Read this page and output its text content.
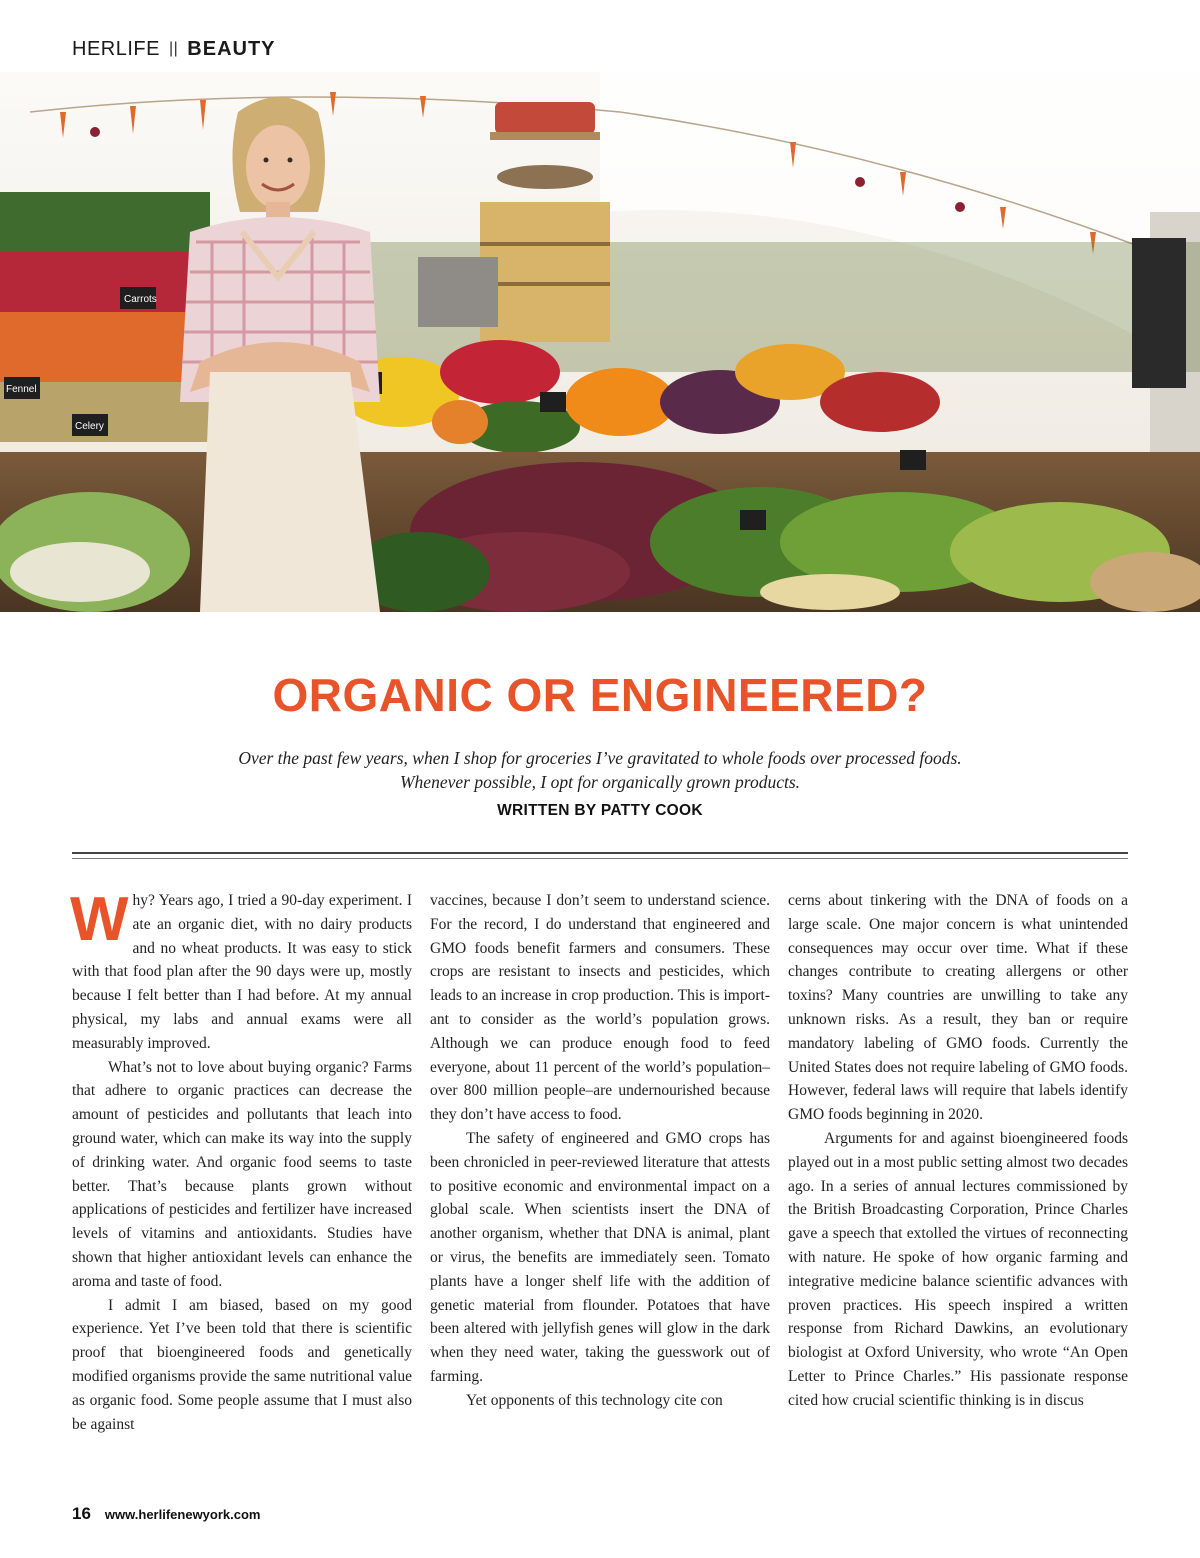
HERLIFE || BEAUTY
Carrots
Celery
Fennel
ORGANIC OR ENGINEERED?
Over the past few years, when I shop for groceries I’ve gravitated to whole foods over processed foods.
Whenever possible, I opt for organically grown products.
WRITTEN BY PATTY COOK

Why? Years ago, I tried a 90-day experiment. I ate an organic diet, with no dairy products and no wheat products. It was easy to stick with that food plan after the 90 days were up, mostly because I felt better than I had before. At my annual physical, my labs and annual exams were all measurably improved.

What’s not to love about buying organic? Farms that adhere to organic practices can decrease the amount of pesticides and pollutants that leach into ground water, which can make its way into the supply of drinking water. And organic food seems to taste better. That’s because plants grown without applications of pesticides and fertilizer have increased levels of vitamins and antioxidants. Studies have shown that higher antioxidant levels can enhance the aroma and taste of food.

I admit I am biased, based on my good experience. Yet I’ve been told that there is scientific proof that bioengineered foods and genetically modified organisms provide the same nutritional value as organic food. Some people assume that I must also be against

vaccines, because I don’t seem to understand science. For the record, I do understand that engineered and GMO foods benefit farmers and consumers. These crops are resistant to insects and pesticides, which leads to an increase in crop production. This is important to consider as the world’s population grows. Although we can produce enough food to feed everyone, about 11 percent of the world’s population–over 800 million people–are undernourished because they don’t have access to food.

The safety of engineered and GMO crops has been chronicled in peer-reviewed literature that attests to positive economic and environmental impact on a global scale. When scientists insert the DNA of another organism, whether that DNA is animal, plant or virus, the benefits are immediately seen. Tomato plants have a longer shelf life with the addition of genetic material from flounder. Potatoes that have been altered with jellyfish genes will glow in the dark when they need water, taking the guesswork out of farming.

Yet opponents of this technology cite con

cerns about tinkering with the DNA of foods on a large scale. One major concern is what unintended consequences may occur over time. What if these changes contribute to creating allergens or other toxins? Many countries are unwilling to take any unknown risks. As a result, they ban or require mandatory labeling of GMO foods. Currently the United States does not require labeling of GMO foods. However, federal laws will require that labels identify GMO foods beginning in 2020.

Arguments for and against bioengineered foods played out in a most public setting almost two decades ago. In a series of annual lectures commissioned by the British Broadcasting Corporation, Prince Charles gave a speech that extolled the virtues of reconnecting with nature. He spoke of how organic farming and integrative medicine balance scientific advances with proven practices. His speech inspired a written response from Richard Dawkins, an evolutionary biologist at Oxford University, who wrote “An Open Letter to Prince Charles.” His passionate response cited how crucial scientific thinking is in discus

16 www.herlifenewyork.com
